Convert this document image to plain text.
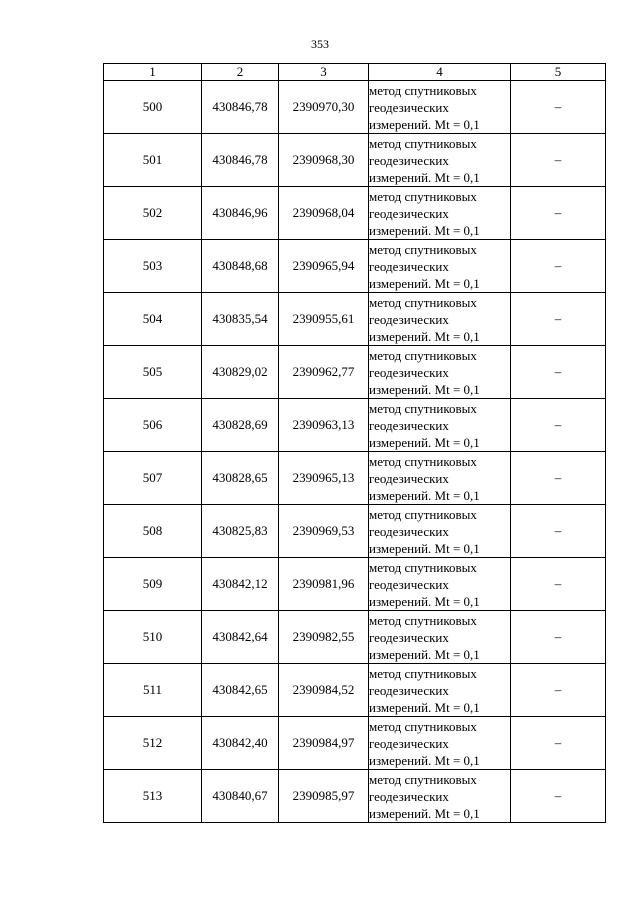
353
1	2	3	4	5
500	430846,78	2390970,30	метод спутниковых
геодезических
измерений. Mt = 0,1	–
501	430846,78	2390968,30	метод спутниковых
геодезических
измерений. Mt = 0,1	–
502	430846,96	2390968,04	метод спутниковых
геодезических
измерений. Mt = 0,1	–
503	430848,68	2390965,94	метод спутниковых
геодезических
измерений. Mt = 0,1	–
504	430835,54	2390955,61	метод спутниковых
геодезических
измерений. Mt = 0,1	–
505	430829,02	2390962,77	метод спутниковых
геодезических
измерений. Mt = 0,1	–
506	430828,69	2390963,13	метод спутниковых
геодезических
измерений. Mt = 0,1	–
507	430828,65	2390965,13	метод спутниковых
геодезических
измерений. Mt = 0,1	–
508	430825,83	2390969,53	метод спутниковых
геодезических
измерений. Mt = 0,1	–
509	430842,12	2390981,96	метод спутниковых
геодезических
измерений. Mt = 0,1	–
510	430842,64	2390982,55	метод спутниковых
геодезических
измерений. Mt = 0,1	–
511	430842,65	2390984,52	метод спутниковых
геодезических
измерений. Mt = 0,1	–
512	430842,40	2390984,97	метод спутниковых
геодезических
измерений. Mt = 0,1	–
513	430840,67	2390985,97	метод спутниковых
геодезических
измерений. Mt = 0,1	–
